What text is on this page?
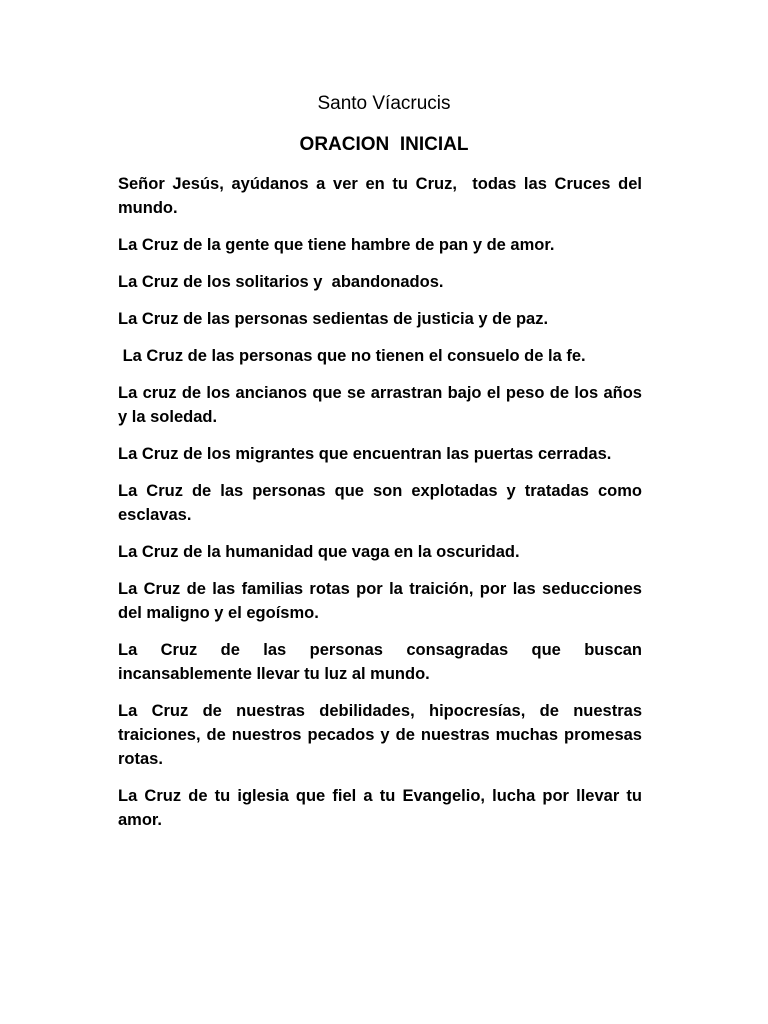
Santo Víacrucis
ORACION  INICIAL

Señor Jesús, ayúdanos a ver en tu Cruz,  todas las Cruces del mundo.

La Cruz de la gente que tiene hambre de pan y de amor.

La Cruz de los solitarios y  abandonados.

La Cruz de las personas sedientas de justicia y de paz.

La Cruz de las personas que no tienen el consuelo de la fe.

La cruz de los ancianos que se arrastran bajo el peso de los años y la soledad.

La Cruz de los migrantes que encuentran las puertas cerradas.

La Cruz de las personas que son explotadas y tratadas como esclavas.

La Cruz de la humanidad que vaga en la oscuridad.

La Cruz de las familias rotas por la traición, por las seducciones del maligno y el egoísmo.

La Cruz de las personas consagradas que buscan incansablemente llevar tu luz al mundo.

La Cruz de nuestras debilidades, hipocresías, de nuestras traiciones, de nuestros pecados y de nuestras muchas promesas rotas.

La Cruz de tu iglesia que fiel a tu Evangelio, lucha por llevar tu amor.
